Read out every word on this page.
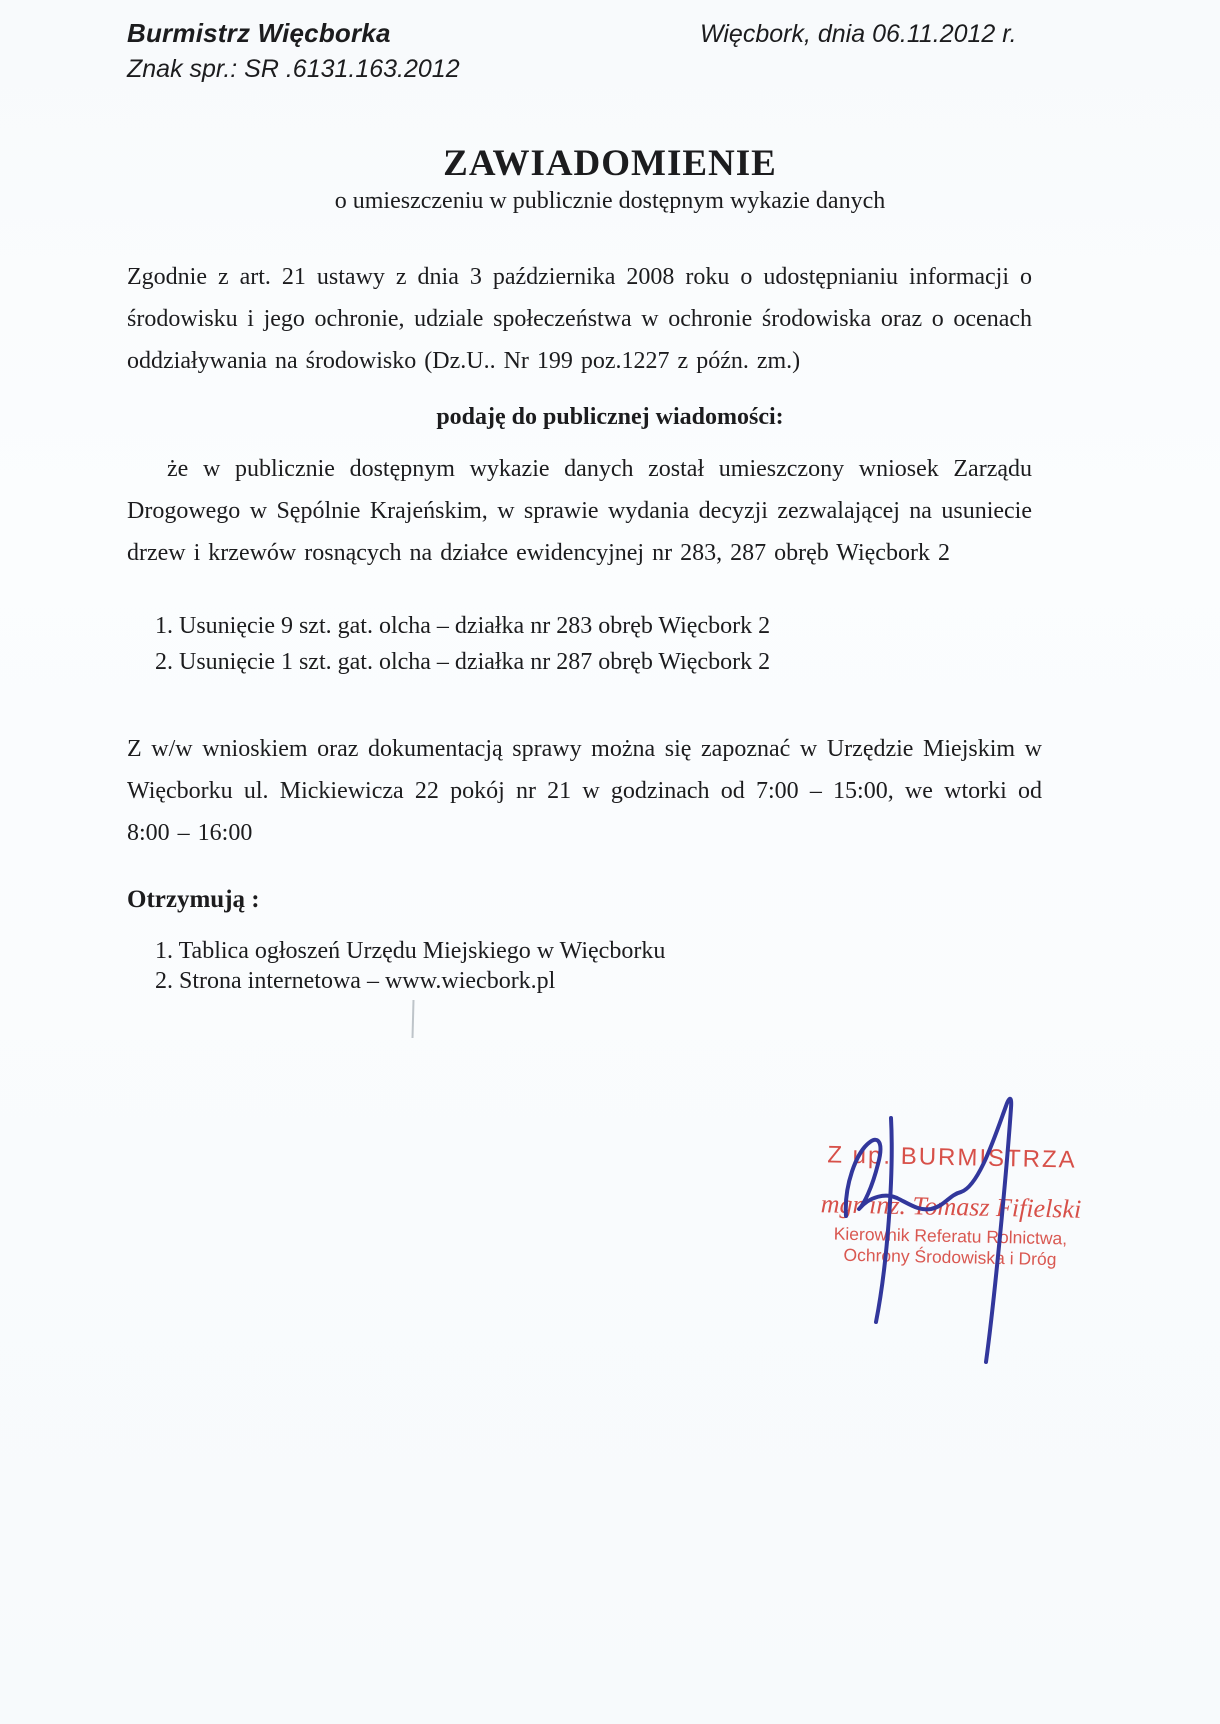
Burmistrz Więcborka
Znak spr.: SR .6131.163.2012
Więcbork, dnia 06.11.2012 r.
ZAWIADOMIENIE
o umieszczeniu w publicznie dostępnym wykazie danych
Zgodnie z art. 21 ustawy z dnia 3 października 2008 roku o udostępnianiu informacji o środowisku i jego ochronie, udziale społeczeństwa w ochronie środowiska oraz o ocenach oddziaływania na środowisko (Dz.U.. Nr 199 poz.1227 z późn. zm.)
podaję do publicznej wiadomości:
że w publicznie dostępnym wykazie danych został umieszczony wniosek Zarządu Drogowego w Sępólnie Krajeńskim, w sprawie wydania decyzji zezwalającej na usuniecie drzew i krzewów rosnących na działce ewidencyjnej nr 283, 287 obręb Więcbork 2
1. Usunięcie 9 szt. gat. olcha – działka nr 283 obręb Więcbork 2
2. Usunięcie 1 szt. gat. olcha – działka nr 287 obręb Więcbork 2
Z w/w wnioskiem oraz dokumentacją sprawy można się zapoznać w Urzędzie Miejskim w Więcborku ul. Mickiewicza 22 pokój nr 21 w godzinach od 7:00 – 15:00, we wtorki od 8:00 – 16:00
Otrzymują :
1. Tablica ogłoszeń Urzędu Miejskiego w Więcborku
2. Strona internetowa – www.wiecbork.pl
Z up. BURMISTRZA
mgr inż. Tomasz Fifielski
Kierownik Referatu Rolnictwa,
Ochrony Środowiska i Dróg
